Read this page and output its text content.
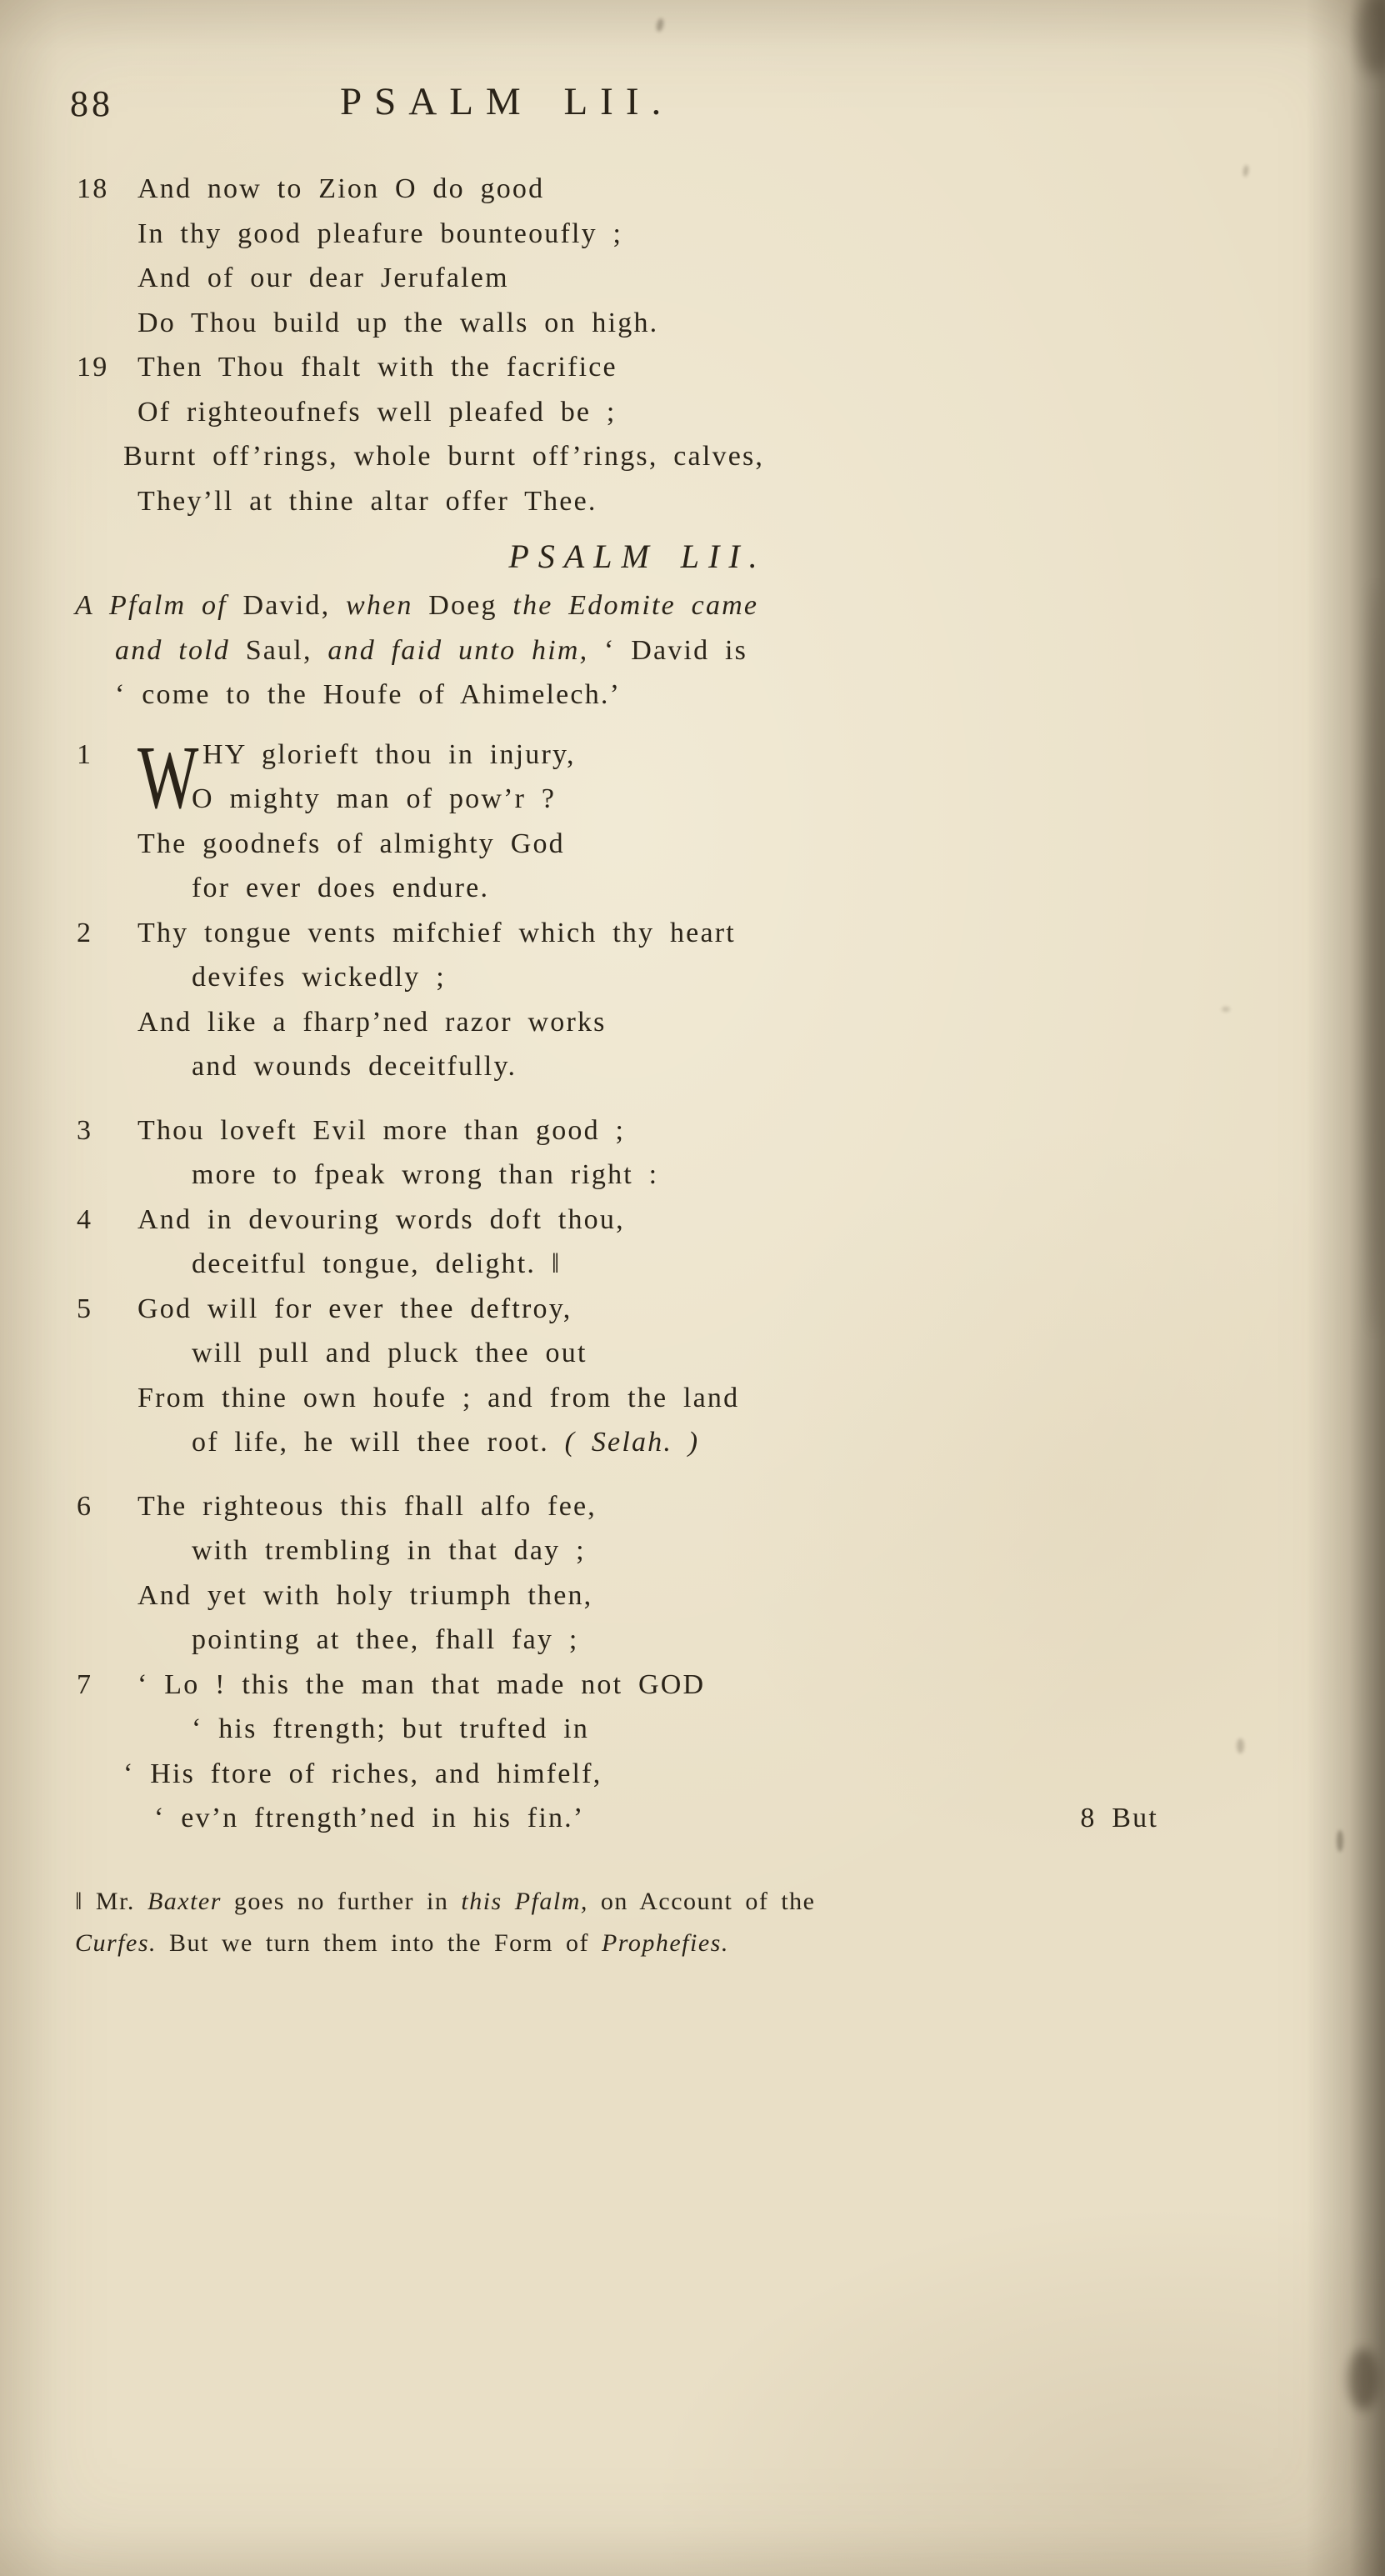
88	PSALM LII.
18	And now to Zion O do good
In thy good pleafure bounteoufly ;
And of our dear Jerufalem
Do Thou build up the walls on high.
19	Then Thou fhalt with the facrifice
Of righteoufnefs well pleafed be ;
Burnt off’rings, whole burnt off’rings, calves,
They’ll at thine altar offer Thee.
PSALM LII.
A Pfalm of David, when Doeg the Edomite came
and told Saul, and faid unto him, ‘ David is
‘ come to the Houfe of Ahimelech.’
1 W HY glorieft thou in injury,
O mighty man of pow’r ?
The goodnefs of almighty God
for ever does endure.
2	Thy tongue vents mifchief which thy heart
devifes wickedly ;
And like a fharp’ned razor works
and wounds deceitfully.
3	Thou loveft Evil more than good ;
more to fpeak wrong than right :
4	And in devouring words doft thou,
deceitful tongue, delight. ‖
5	God will for ever thee deftroy,
will pull and pluck thee out
From thine own houfe ; and from the land
of life, he will thee root. ( Selah. )
6	The righteous this fhall alfo fee,
with trembling in that day ;
And yet with holy triumph then,
pointing at thee, fhall fay ;
7	‘ Lo ! this the man that made not GOD
‘ his ftrength; but trufted in
‘ His ftore of riches, and himfelf,
‘ ev’n ftrength’ned in his fin.’	8 But
‖ Mr. Baxter goes no further in this Pfalm, on Account of the
Curfes. But we turn them into the Form of Prophefies.
